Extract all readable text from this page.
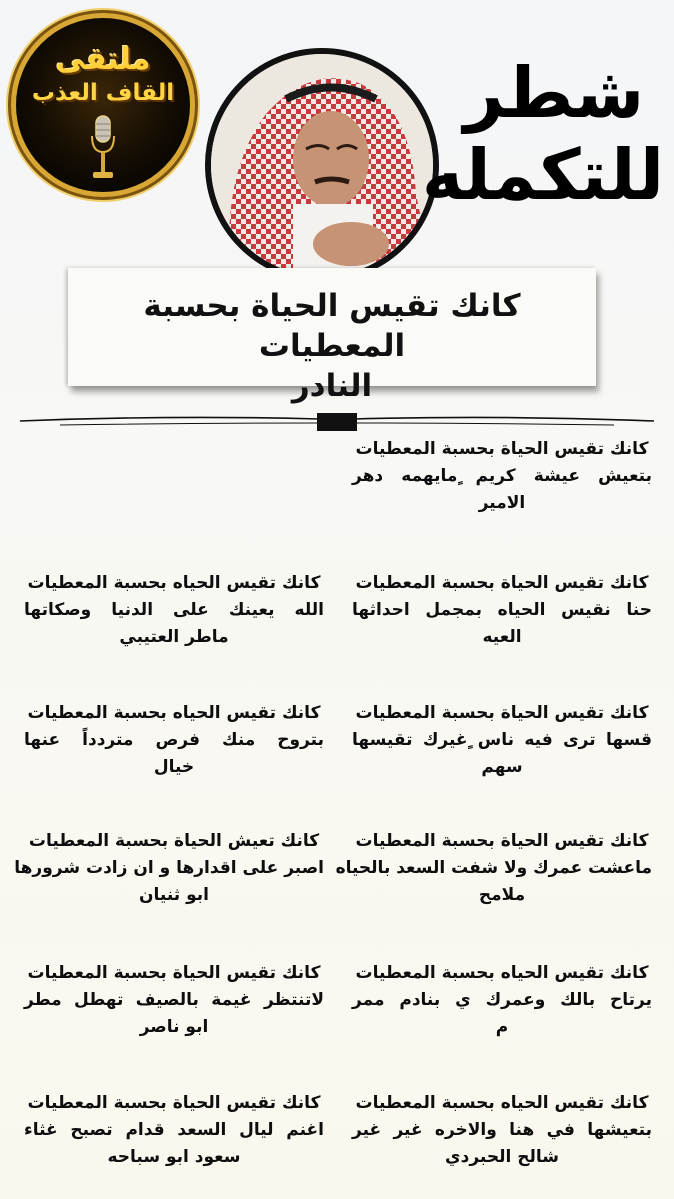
ملتقى
القاف العذب	شطر للتكمله
كانك تقيس الحياة بحسبة المعطيات
النادر
كانك تقيس الحياة بحسبة المعطيات
بتعيش عيشة كريم ٍمايهمه دهر
الامير
كانك تقيس الحياه بحسبة المعطيات
الله يعينك على الدنيا وصكاتها
ماطر العتيبي
كانك تقيس الحياة بحسبة المعطيات
حنا نقيس الحياه بمجمل احداثها
العيه
كانك تقيس الحياه بحسبة المعطيات
بتروح منك فرص متردداً عنها
خيال
كانك تقيس الحياة بحسبة المعطيات
قسها ترى فيه ناس ٍغيرك تقيسها
سهم
كانك تعيش الحياة بحسبة المعطيات
اصبر على اقدارها و ان زادت شرورها
ابو ثنيان
كانك تقيس الحياة بحسبة المعطيات
ماعشت عمرك ولا شفت السعد بالحياه
ملامح
كانك تقيس الحياة بحسبة المعطيات
لاتنتظر غيمة بالصيف تهطل مطر
ابو ناصر
كانك تقيس الحياه بحسبة المعطيات
يرتاح بالك وعمرك ي بنادم ممر
م
كانك تقيس الحياة بحسبة المعطيات
اغنم ليال السعد قدام تصبح غثاء
سعود ابو سباحه
كانك تقيس الحياه بحسبة المعطيات
بتعيشها في هنا والاخره غير غير
شالح الحبردي
